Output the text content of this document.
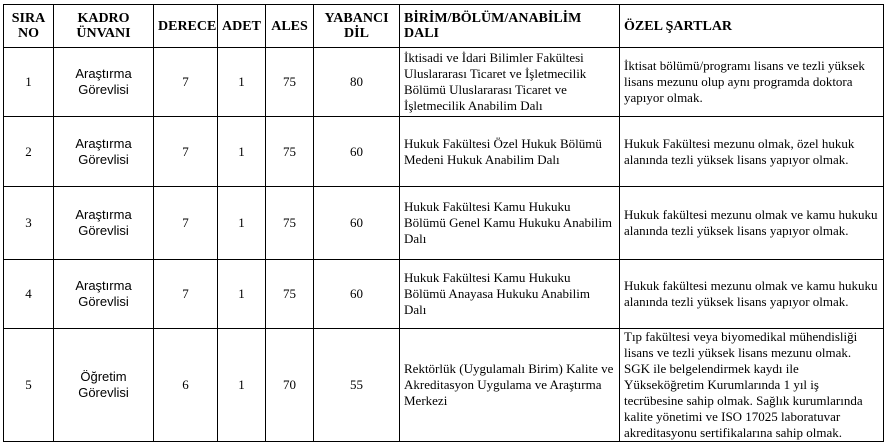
SIRA NO	KADRO ÜNVANI	DERECE	ADET	ALES	YABANCI DİL	BİRİM/BÖLÜM/ANABİLİM DALI	ÖZEL ŞARTLAR
1	Araştırma Görevlisi	7	1	75	80	İktisadi ve İdari Bilimler Fakültesi Uluslararası Ticaret ve İşletmecilik Bölümü Uluslararası Ticaret ve İşletmecilik Anabilim Dalı	İktisat bölümü/programı lisans ve tezli yüksek lisans mezunu olup aynı programda doktora yapıyor olmak.
2	Araştırma Görevlisi	7	1	75	60	Hukuk Fakültesi Özel Hukuk Bölümü Medeni Hukuk Anabilim Dalı	Hukuk Fakültesi mezunu olmak, özel hukuk alanında tezli yüksek lisans yapıyor olmak.
3	Araştırma Görevlisi	7	1	75	60	Hukuk Fakültesi Kamu Hukuku Bölümü Genel Kamu Hukuku Anabilim Dalı	Hukuk fakültesi mezunu olmak ve kamu hukuku alanında tezli yüksek lisans yapıyor olmak.
4	Araştırma Görevlisi	7	1	75	60	Hukuk Fakültesi Kamu Hukuku Bölümü Anayasa Hukuku Anabilim Dalı	Hukuk fakültesi mezunu olmak ve kamu hukuku alanında tezli yüksek lisans yapıyor olmak.
5	Öğretim Görevlisi	6	1	70	55	Rektörlük (Uygulamalı Birim) Kalite ve Akreditasyon Uygulama ve Araştırma Merkezi	Tıp fakültesi veya biyomedikal mühendisliği lisans ve tezli yüksek lisans mezunu olmak. SGK ile belgelendirmek kaydı ile Yükseköğretim Kurumlarında 1 yıl iş tecrübesine sahip olmak. Sağlık kurumlarında kalite yönetimi ve ISO 17025 laboratuvar akreditasyonu sertifikalarına sahip olmak.
